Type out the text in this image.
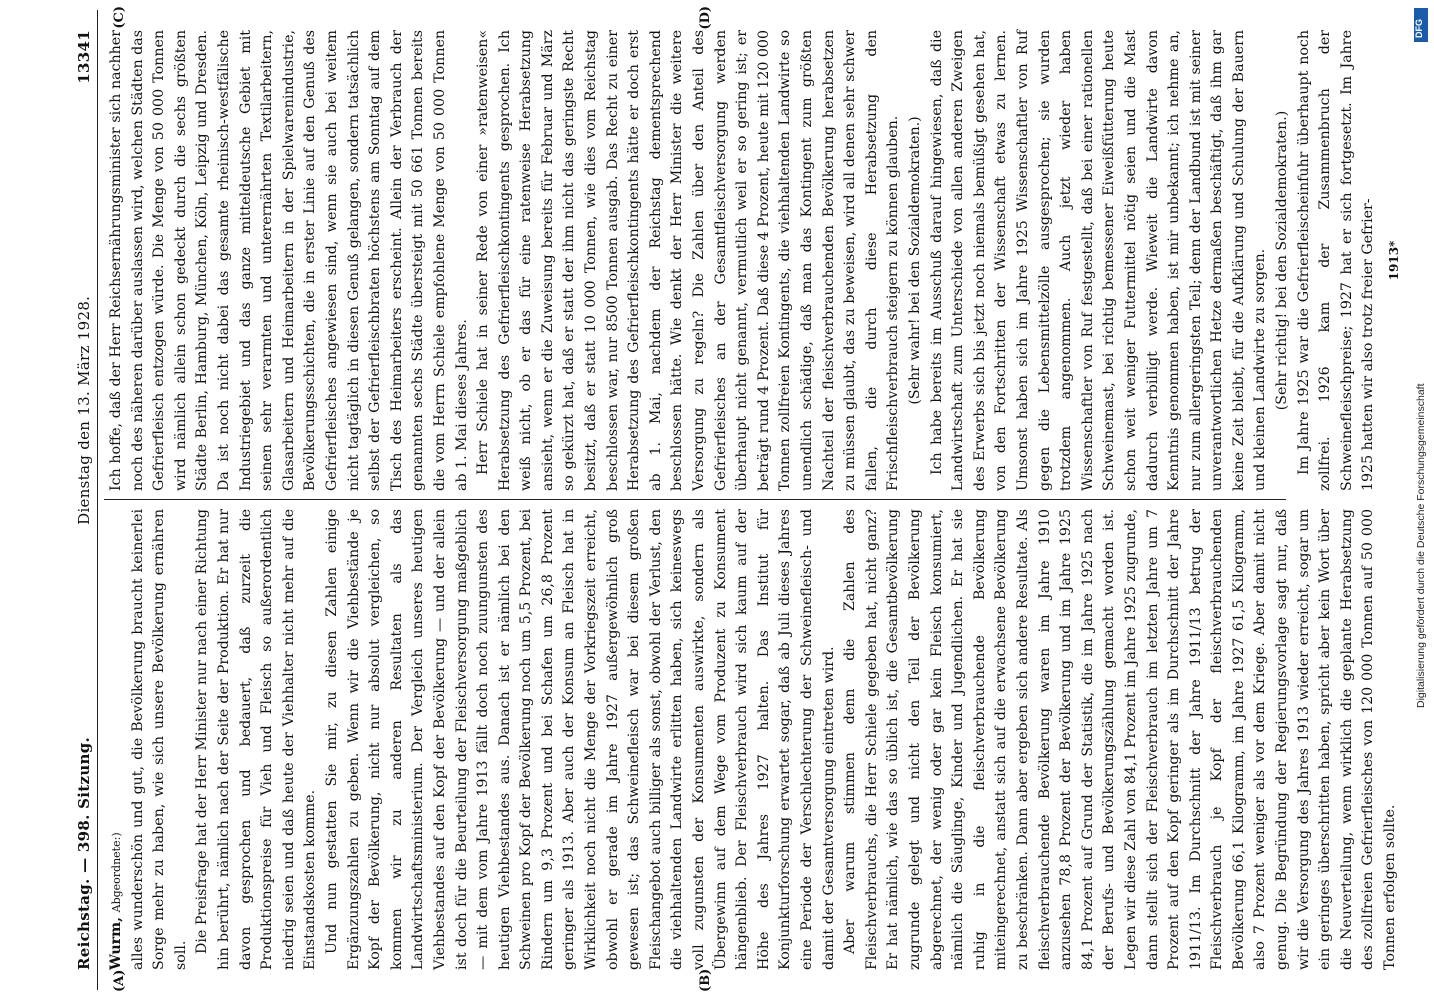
Reichstag. — 398. Sitzung.
Dienstag den 13. März 1928.
13341
(A)	(B)
(C)	(D)

Wurm, Abgeordnete:) alles wunderschön und gut, die Bevölkerung braucht keinerlei Sorge mehr zu haben, wie sich unsere Bevölkerung ernähren soll.

Die Preisfrage hat der Herr Minister nur nach einer Richtung hin berührt, nämlich nach der Seite der Produktion. Er hat nur davon gesprochen und bedauert, daß zurzeit die Produktionspreise für Vieh und Fleisch so außerordentlich niedrig seien und daß heute der Viehhalter nicht mehr auf die Einstandskosten komme. Und nun gestatten Sie mir, zu diesen Zahlen einige Ergänzungszahlen zu geben. Wenn wir die Viehbestände je Kopf der Bevölkerung, nicht nur absolut vergleichen, so kommen wir zu anderen Resultaten als das Landwirtschaftsministerium. Der Vergleich unseres heutigen Viehbestandes auf den Kopf der Bevölkerung — und der allein ist doch für die Beurteilung der Fleischversorgung maßgeblich — mit dem vom Jahre 1913 fällt doch noch zuungunsten des heutigen Viehbestandes aus. Danach ist er nämlich bei den Schweinen pro Kopf der Bevölkerung noch um 5,5 Prozent, bei Rindern um 9,3 Prozent und bei Schafen um 26,8 Prozent geringer als 1913. Aber auch der Konsum an Fleisch hat in Wirklichkeit noch nicht die Menge der Vorkriegszeit erreicht, obwohl er gerade im Jahre 1927 außergewöhnlich groß gewesen ist; das Schweinefleisch war bei diesem großen Fleischangebot auch billiger als sonst, obwohl der Verlust, den die viehhaltenden Landwirte erlitten haben, sich keineswegs voll zugunsten der Konsumenten auswirkte, sondern als Übergewinn auf dem Wege vom Produzent zu Konsument hängenblieb. Der Fleischverbrauch wird sich kaum auf der Höhe des Jahres 1927 halten. Das Institut für Konjunkturforschung erwartet sogar, daß ab Juli dieses Jahres eine Periode der Verschlechterung der Schweinefleisch- und damit der Gesamtversorgung eintreten wird. Aber warum stimmen denn die Zahlen des Fleischverbrauchs, die Herr Schiele gegeben hat, nicht ganz? Er hat nämlich, wie das so üblich ist, die Gesamtbevölkerung zugrunde gelegt und nicht den Teil der Bevölkerung abgerechnet, der wenig oder gar kein Fleisch konsumiert, nämlich die Säuglinge, Kinder und Jugendlichen. Er hat sie ruhig in die fleischverbrauchende Bevölkerung miteingerechnet, anstatt sich auf die erwachsene Bevölkerung zu beschränken. Dann aber ergeben sich andere Resultate. Als fleischverbrauchende Bevölkerung waren im Jahre 1910 anzusehen 78,8 Prozent der Bevölkerung und im Jahre 1925 84,1 Prozent auf Grund der Statistik, die im Jahre 1925 nach der Berufs- und Bevölkerungszählung gemacht worden ist. Legen wir diese Zahl von 84,1 Prozent im Jahre 1925 zugrunde, dann stellt sich der Fleischverbrauch im letzten Jahre um 7 Prozent auf den Kopf geringer als im Durchschnitt der Jahre 1911/13. Im Durchschnitt der Jahre 1911/13 betrug der Fleischverbrauch je Kopf der fleischverbrauchenden Bevölkerung 66,1 Kilogramm, im Jahre 1927 61,5 Kilogramm, also 7 Prozent weniger als vor dem Kriege. Aber damit nicht genug. Die Begründung der Regierungsvorlage sagt nur, daß wir die Versorgung des Jahres 1913 wieder erreicht, sogar um ein geringes überschritten haben, spricht aber kein Wort über die Neuverteilung, wenn wirklich die geplante Herabsetzung des zollfreien Gefrierfleisches von 120 000 Tonnen auf 50 000 Tonnen erfolgen sollte.

Ich hoffe, daß der Herr Reichsernährungsminister sich nachher noch des näheren darüber auslassen wird, welchen Städten das Gefrierfleisch entzogen würde. Die Menge von 50 000 Tonnen wird nämlich allein schon gedeckt durch die sechs größten Städte Berlin, Hamburg, München, Köln, Leipzig und Dresden. Da ist noch nicht dabei das gesamte rheinisch-westfälische Industriegebiet und das ganze mitteldeutsche Gebiet mit seinen sehr verarmten und unterernährten Textilarbeitern, Glasarbeitern und Heimarbeitern in der Spielwarenindustrie, Bevölkerungsschichten, die in erster Linie auf den Genuß des Gefrierfleisches angewiesen sind, wenn sie auch bei weitem nicht tagtäglich in diesen Genuß gelangen, sondern tatsächlich selbst der Gefrierfleischbraten höchstens am Sonntag auf dem Tisch des Heimarbeiters erscheint. Allein der Verbrauch der genannten sechs Städte übersteigt mit 50 661 Tonnen bereits die vom Herrn Schiele empfohlene Menge von 50 000 Tonnen ab 1. Mai dieses Jahres. Herr Schiele hat in seiner Rede von einer »ratenweisen« Herabsetzung des Gefrierfleischkontingents gesprochen. Ich weiß nicht, ob er das für eine ratenweise Herabsetzung ansieht, wenn er die Zuweisung bereits für Februar und März so gekürzt hat, daß er statt der ihm nicht das geringste Recht besitzt, daß er statt 10 000 Tonnen, wie dies vom Reichstag beschlossen war, nur 8500 Tonnen ausgab. Das Recht zu einer Herabsetzung des Gefrierfleischkontingents hätte er doch erst ab 1. Mai, nachdem der Reichstag dementsprechend beschlossen hätte. Wie denkt der Herr Minister die weitere Versorgung zu regeln? Die Zahlen über den Anteil des Gefrierfleisches an der Gesamtfleischversorgung werden überhaupt nicht genannt, vermutlich weil er so gering ist; er beträgt rund 4 Prozent. Daß diese 4 Prozent, heute mit 120 000 Tonnen zollfreien Kontingents, die viehhaltenden Landwirte so unendlich schädige, daß man das Kontingent zum größten Nachteil der fleischverbrauchenden Bevölkerung herabsetzen zu müssen glaubt, das zu beweisen, wird all denen sehr schwer fallen, die durch diese Herabsetzung den Frischfleischverbrauch steigern zu können glauben. (Sehr wahr! bei den Sozialdemokraten.) Ich habe bereits im Ausschuß darauf hingewiesen, daß die Landwirtschaft zum Unterschiede von allen anderen Zweigen des Erwerbs sich bis jetzt noch niemals bemüßigt gesehen hat, von den Fortschritten der Wissenschaft etwas zu lernen. Umsonst haben sich im Jahre 1925 Wissenschaftler von Ruf gegen die Lebensmittelzölle ausgesprochen; sie wurden trotzdem angenommen. Auch jetzt wieder haben Wissenschaftler von Ruf festgestellt, daß bei einer rationellen Schweinemast, bei richtig bemessener Eiweißfütterung heute schon weit weniger Futtermittel nötig seien und die Mast dadurch verbilligt werde. Wieweit die Landwirte davon Kenntnis genommen haben, ist mir unbekannt; ich nehme an, nur zum allergeringsten Teil; denn der Landbund ist mit seiner unverantwortlichen Hetze dermaßen beschäftigt, daß ihm gar keine Zeit bleibt, für die Aufklärung und Schulung der Bauern und kleinen Landwirte zu sorgen. (Sehr richtig! bei den Sozialdemokraten.) Im Jahre 1925 war die Gefrierfleischeinfuhr überhaupt noch zollfrei. 1926 kam der Zusammenbruch der Schweinefleischpreise; 1927 hat er sich fortgesetzt. Im Jahre 1925 hatten wir also trotz freier Gefrier- 1913*
DFG
Digitalisierung gefördert durch die Deutsche Forschungsgemeinschaft
